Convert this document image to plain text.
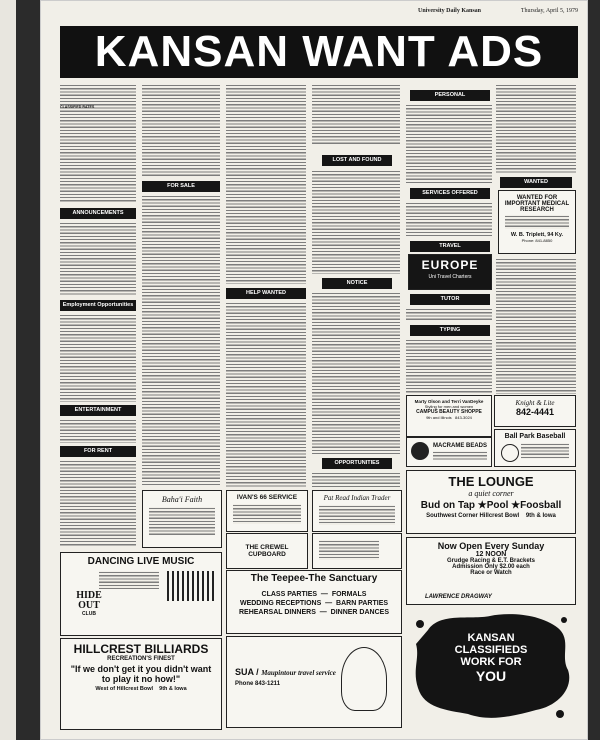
University Daily Kansan	Thursday, April 5, 1979
KANSAN WANT ADS
CLASSIFIED RATES
ANNOUNCEMENTS
Employment Opportunities
ENTERTAINMENT
FOR RENT
FOR SALE
HELP WANTED
LOST AND FOUND
NOTICE
OPPORTUNITIES
PERSONAL
SERVICES OFFERED
TRAVEL
EUROPE
Uni Travel Charters
TUTOR
TYPING
WANTED
WANTED FOR IMPORTANT MEDICAL RESEARCH
W. B. Triplett, 94 Ky.
Phone: 841-8850
Marty Olson and Terri VanDeyke
Styling for men and women
CAMPUS BEAUTY SHOPPE
9th and Illinois 843-3024
Knight & Lite
842-4441
MACRAME BEADS
Ball Park Baseball
THE LOUNGE
a quiet corner
Bud on Tap ★Pool ★Foosball
Southwest Corner Hillcrest Bowl 9th & Iowa
Now Open Every Sunday
12 NOON
Grudge Racing & E.T. Brackets
Admission Only $2.00 each
Race or Watch
LAWRENCE DRAGWAY
KANSAN
CLASSIFIEDS
WORK FOR
YOU
DANCING LIVE MUSIC
HIDE OUT
CLUB
HILLCREST BILLIARDS
RECREATION'S FINEST
"If we don't get it you didn't want to play it no how!"
West of Hillcrest Bowl 9th & Iowa
Baha'i Faith	IVAN'S 66 SERVICE	Pat Read Indian Trader
THE CREWEL CUPBOARD
The Teepee-The Sanctuary
CLASS PARTIES  —  FORMALS
WEDDING RECEPTIONS  —  BARN PARTIES
REHEARSAL DINNERS  —  DINNER DANCES
SUA / Maupintour travel service
Phone 843-1211
